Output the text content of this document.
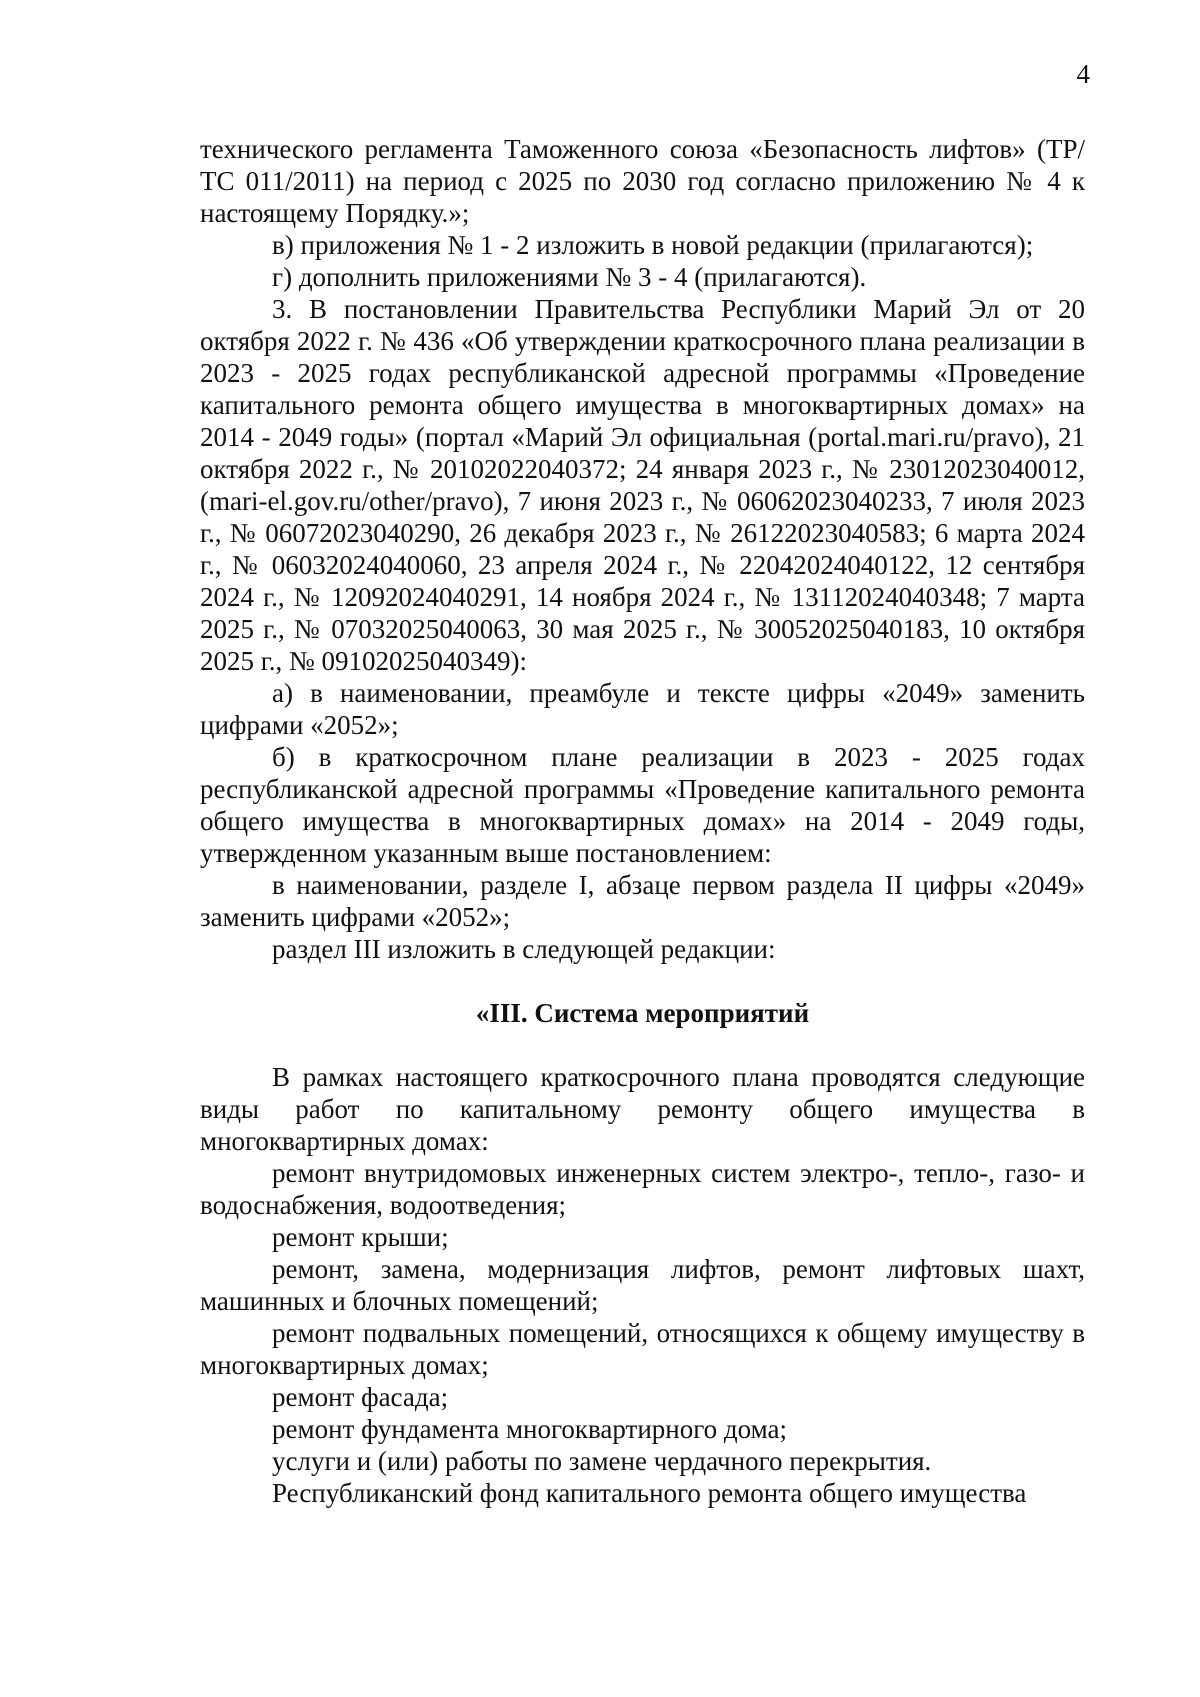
4

технического регламента Таможенного союза «Безопасность лифтов» (ТР/ТС 011/2011) на период с 2025 по 2030 год согласно приложению № 4 к настоящему Порядку.»;

в) приложения № 1 - 2 изложить в новой редакции (прилагаются);

г) дополнить приложениями № 3 - 4 (прилагаются).

3. В постановлении Правительства Республики Марий Эл от 20 октября 2022 г. № 436 «Об утверждении краткосрочного плана реализации в 2023 - 2025 годах республиканской адресной программы «Проведение капитального ремонта общего имущества в многоквартирных домах» на 2014 - 2049 годы» (портал «Марий Эл официальная (portal.mari.ru/pravo), 21 октября 2022 г., № 20102022040372; 24 января 2023 г., № 23012023040012, (mari-el.gov.ru/other/pravo), 7 июня 2023 г., № 06062023040233, 7 июля 2023 г., № 06072023040290, 26 декабря 2023 г., № 26122023040583; 6 марта 2024 г., № 06032024040060, 23 апреля 2024 г., № 22042024040122, 12 сентября 2024 г., № 12092024040291, 14 ноября 2024 г., № 13112024040348; 7 марта 2025 г., № 07032025040063, 30 мая 2025 г., № 30052025040183, 10 октября 2025 г., № 09102025040349):

а) в наименовании, преамбуле и тексте цифры «2049» заменить цифрами «2052»;

б) в краткосрочном плане реализации в 2023 - 2025 годах республиканской адресной программы «Проведение капитального ремонта общего имущества в многоквартирных домах» на 2014 - 2049 годы, утвержденном указанным выше постановлением:

в наименовании, разделе I, абзаце первом раздела II цифры «2049» заменить цифрами «2052»;

раздел III изложить в следующей редакции:

«III. Система мероприятий

В рамках настоящего краткосрочного плана проводятся следующие виды работ по капитальному ремонту общего имущества в многоквартирных домах:

ремонт внутридомовых инженерных систем электро-, тепло-, газо- и водоснабжения, водоотведения;

ремонт крыши;

ремонт, замена, модернизация лифтов, ремонт лифтовых шахт, машинных и блочных помещений;

ремонт подвальных помещений, относящихся к общему имуществу в многоквартирных домах;

ремонт фасада;

ремонт фундамента многоквартирного дома;

услуги и (или) работы по замене чердачного перекрытия.

Республиканский фонд капитального ремонта общего имущества
